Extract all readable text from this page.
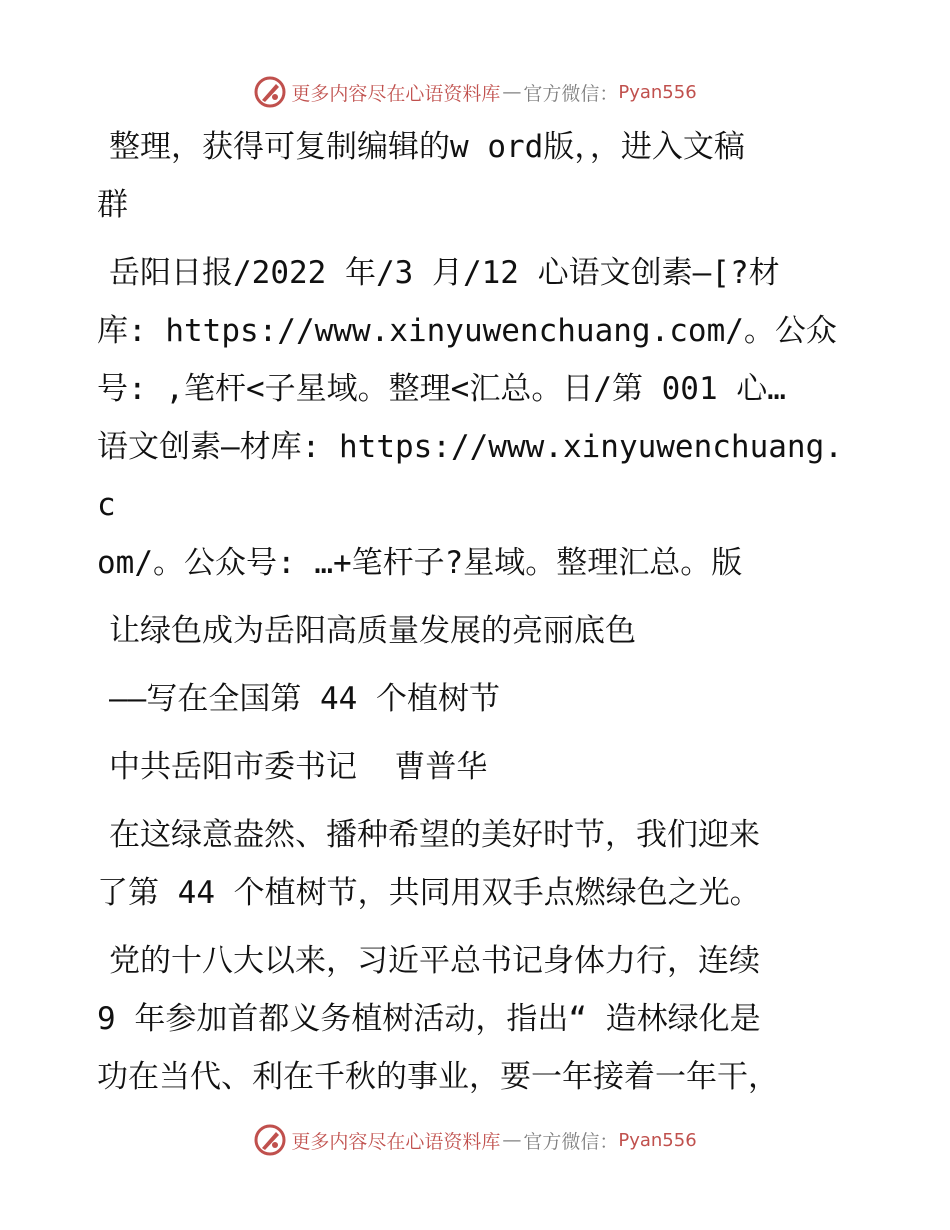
更多内容尽在心语资料库 — 官方微信： Pyan556

整理，获得可复制编辑的w ord版，，进入文稿
群

岳阳日报/2022 年/3 月/12 心语文创素—[?材
库: https://www.xinyuwenchuang.com/。公众
号: ,笔杆<子星域。整理<汇总。日/第 001 心…
语文创素—材库: https://www.xinyuwenchuang.c
om/。公众号: …+笔杆子?星域。整理汇总。版

让绿色成为岳阳高质量发展的亮丽底色

——写在全国第 44 个植树节

中共岳阳市委书记  曹普华

在这绿意盎然、播种希望的美好时节，我们迎来
了第 44 个植树节，共同用双手点燃绿色之光。

党的十八大以来，习近平总书记身体力行，连续
9 年参加首都义务植树活动，指出“ 造林绿化是
功在当代、利在千秋的事业，要一年接着一年干，

更多内容尽在心语资料库 — 官方微信： Pyan556
